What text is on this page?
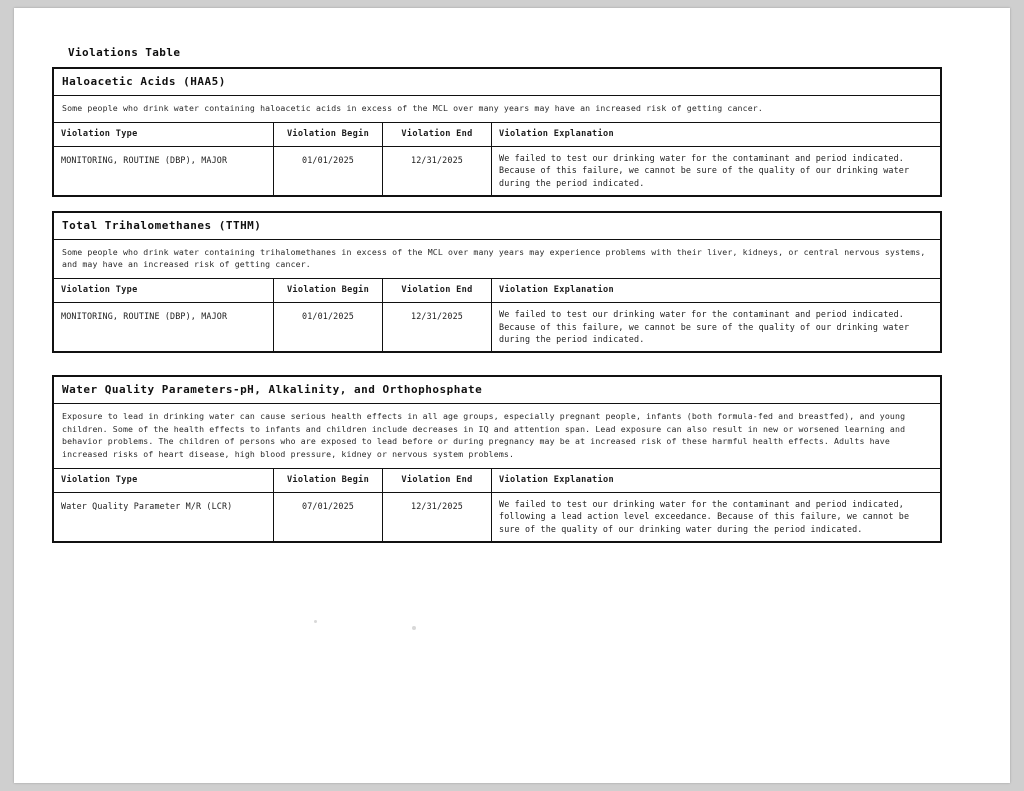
Violations Table
Haloacetic Acids (HAA5)
Some people who drink water containing haloacetic acids in excess of the MCL over many years may have an increased risk of getting cancer.
Violation Type	Violation Begin	Violation End	Violation Explanation
MONITORING, ROUTINE (DBP), MAJOR	01/01/2025	12/31/2025	We failed to test our drinking water for the contaminant and period indicated. Because of this failure, we cannot be sure of the quality of our drinking water during the period indicated.
Total Trihalomethanes (TTHM)
Some people who drink water containing trihalomethanes in excess of the MCL over many years may experience problems with their liver, kidneys, or central nervous systems, and may have an increased risk of getting cancer.
Violation Type	Violation Begin	Violation End	Violation Explanation
MONITORING, ROUTINE (DBP), MAJOR	01/01/2025	12/31/2025	We failed to test our drinking water for the contaminant and period indicated. Because of this failure, we cannot be sure of the quality of our drinking water during the period indicated.
Water Quality Parameters-pH, Alkalinity, and Orthophosphate
Exposure to lead in drinking water can cause serious health effects in all age groups, especially pregnant people, infants (both formula-fed and breastfed), and young children. Some of the health effects to infants and children include decreases in IQ and attention span. Lead exposure can also result in new or worsened learning and behavior problems. The children of persons who are exposed to lead before or during pregnancy may be at increased risk of these harmful health effects. Adults have increased risks of heart disease, high blood pressure, kidney or nervous system problems.
Violation Type	Violation Begin	Violation End	Violation Explanation
Water Quality Parameter M/R (LCR)	07/01/2025	12/31/2025	We failed to test our drinking water for the contaminant and period indicated, following a lead action level exceedance. Because of this failure, we cannot be sure of the quality of our drinking water during the period indicated.
